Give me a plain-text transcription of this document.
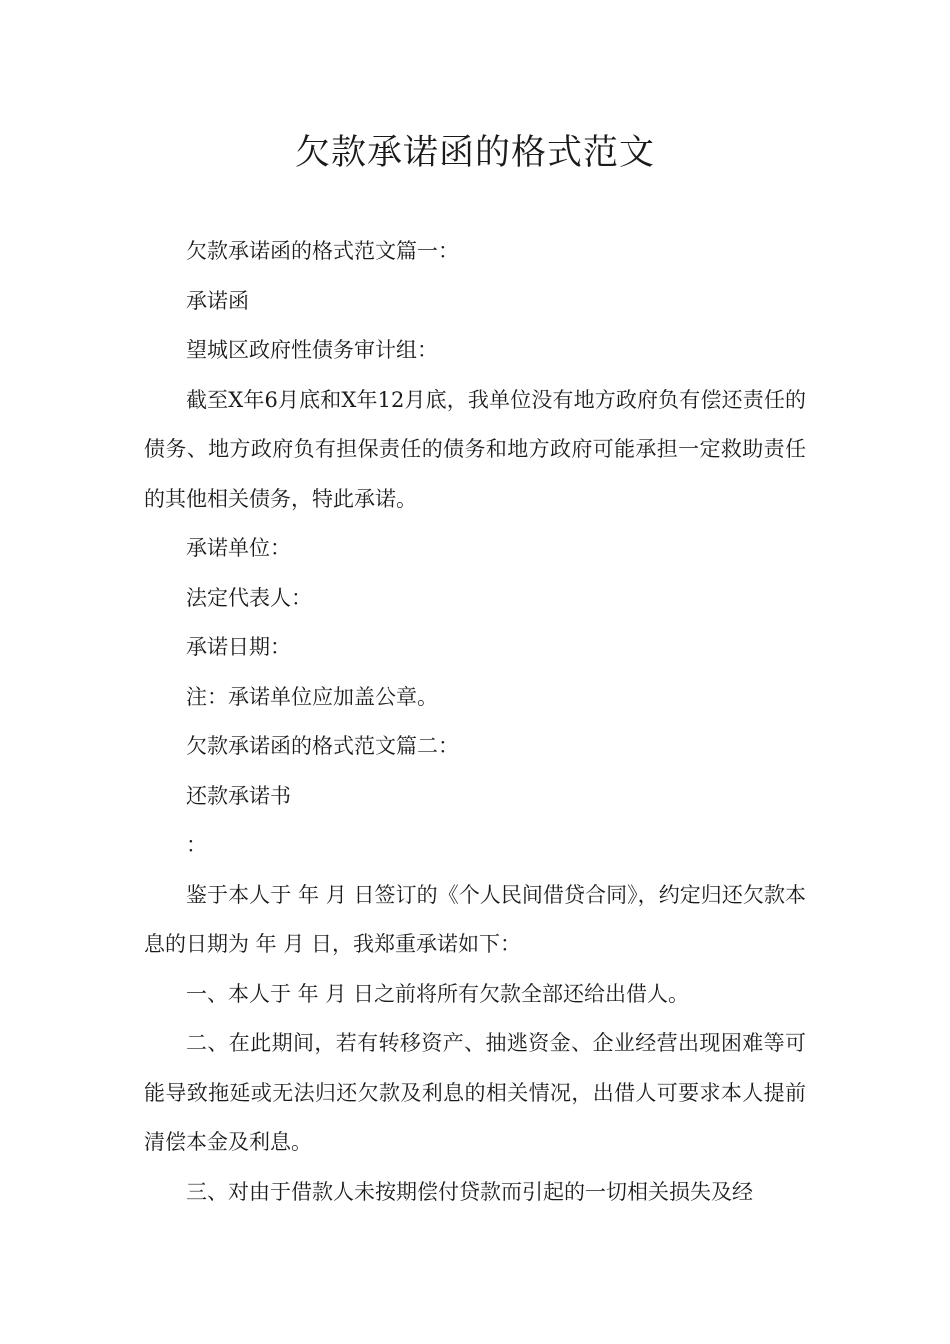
欠款承诺函的格式范文

欠款承诺函的格式范文篇一：

承诺函

望城区政府性债务审计组：

截至X年6月底和X年12月底，我单位没有地方政府负有偿还责任的债务、地方政府负有担保责任的债务和地方政府可能承担一定救助责任的其他相关债务，特此承诺。

承诺单位：

法定代表人：

承诺日期：

注：承诺单位应加盖公章。

欠款承诺函的格式范文篇二：

还款承诺书

：

鉴于本人于 年 月 日签订的《个人民间借贷合同》，约定归还欠款本息的日期为 年 月 日，我郑重承诺如下：

一、本人于 年 月 日之前将所有欠款全部还给出借人。

二、在此期间，若有转移资产、抽逃资金、企业经营出现困难等可能导致拖延或无法归还欠款及利息的相关情况，出借人可要求本人提前清偿本金及利息。

三、对由于借款人未按期偿付贷款而引起的一切相关损失及经
